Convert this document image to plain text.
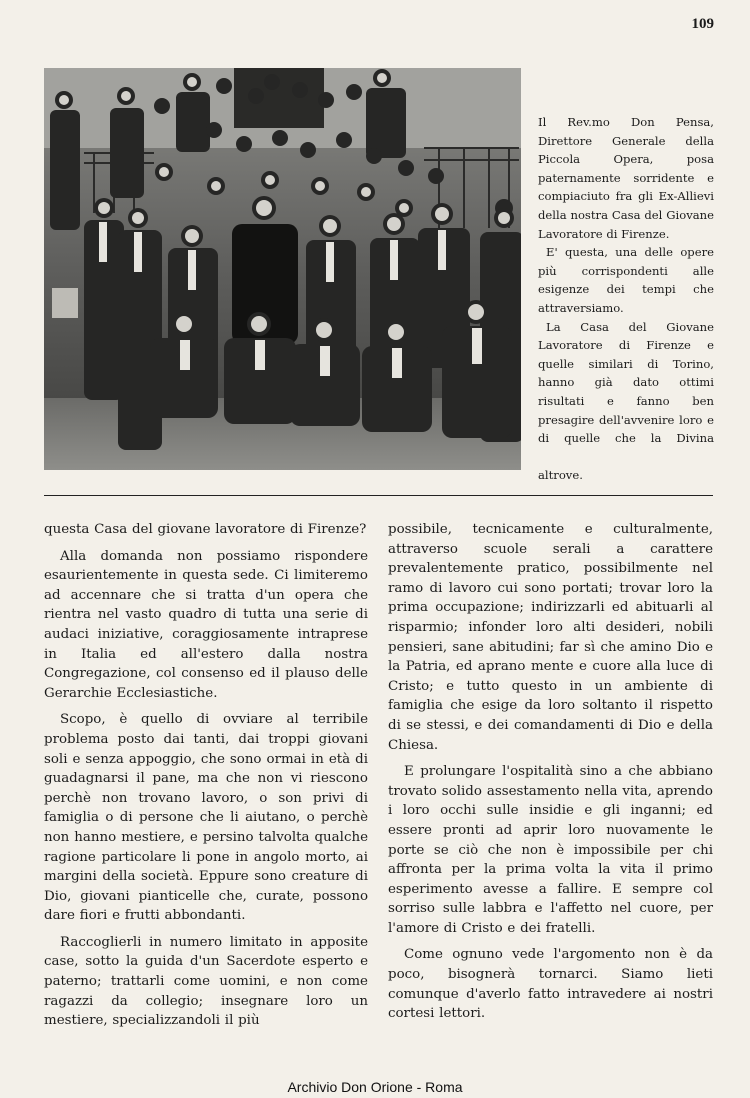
109

Il Rev.mo Don Pensa, Direttore Generale della Piccola Opera, posa paternamente sorridente e compiaciuto fra gli Ex-Allievi della nostra Casa del Giovane Lavoratore di Firenze.

E' questa, una delle opere più corrispondenti alle esigenze dei tempi che attraversiamo.

La Casa del Giovane Lavoratore di Firenze e quelle similari di Torino, hanno già dato ottimi risultati e fanno ben presagire dell'avvenire loro e di quelle che la Divina altrove.

questa Casa del giovane lavoratore di Firenze?

Alla domanda non possiamo rispondere esaurientemente in questa sede. Ci limiteremo ad accennare che si tratta d'un opera che rientra nel vasto quadro di tutta una serie di audaci iniziative, coraggiosamente intraprese in Italia ed all'estero dalla nostra Congregazione, col consenso ed il plauso delle Gerarchie Ecclesiastiche.

Scopo, è quello di ovviare al terribile problema posto dai tanti, dai troppi giovani soli e senza appoggio, che sono ormai in età di guadagnarsi il pane, ma che non vi riescono perchè non trovano lavoro, o son privi di famiglia o di persone che li aiutano, o perchè non hanno mestiere, e persino talvolta qualche ragione particolare li pone in angolo morto, ai margini della società. Eppure sono creature di Dio, giovani pianticelle che, curate, possono dare fiori e frutti abbondanti.

Raccoglierli in numero limitato in apposite case, sotto la guida d'un Sacerdote esperto e paterno; trattarli come uomini, e non come ragazzi da collegio; insegnare loro un mestiere, specializzandoli il più

possibile, tecnicamente e culturalmente, attraverso scuole serali a carattere prevalentemente pratico, possibilmente nel ramo di lavoro cui sono portati; trovar loro la prima occupazione; indirizzarli ed abituarli al risparmio; infonder loro alti desideri, nobili pensieri, sane abitudini; far sì che amino Dio e la Patria, ed aprano mente e cuore alla luce di Cristo; e tutto questo in un ambiente di famiglia che esige da loro soltanto il rispetto di se stessi, e dei comandamenti di Dio e della Chiesa.

E prolungare l'ospitalità sino a che abbiano trovato solido assestamento nella vita, aprendo i loro occhi sulle insidie e gli inganni; ed essere pronti ad aprir loro nuovamente le porte se ciò che non è impossibile per chi affronta per la prima volta la vita il primo esperimento avesse a fallire. E sempre col sorriso sulle labbra e l'affetto nel cuore, per l'amore di Cristo e dei fratelli.

Come ognuno vede l'argomento non è da poco, bisognerà tornarci. Siamo lieti comunque d'averlo fatto intravedere ai nostri cortesi lettori.

Archivio Don Orione - Roma
